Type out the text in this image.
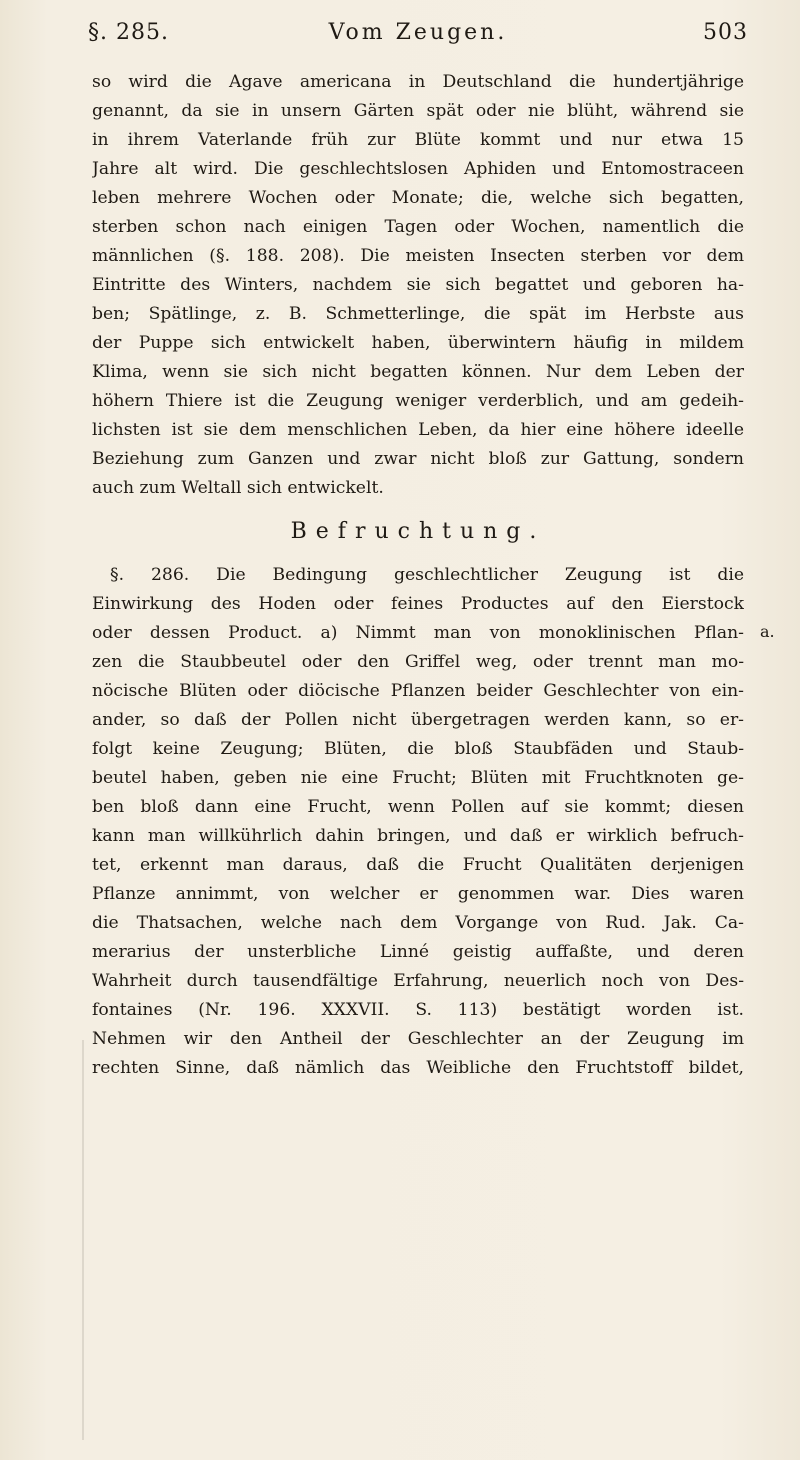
§. 285.	Vom Zeugen.	503
so wird die Agave americana in Deutschland die hundertjährige
genannt, da sie in unsern Gärten spät oder nie blüht, während sie
in ihrem Vaterlande früh zur Blüte kommt und nur etwa 15
Jahre alt wird. Die geschlechtslosen Aphiden und Entomostraceen
leben mehrere Wochen oder Monate; die, welche sich begatten,
sterben schon nach einigen Tagen oder Wochen, namentlich die
männlichen (§. 188. 208). Die meisten Insecten sterben vor dem
Eintritte des Winters, nachdem sie sich begattet und geboren ha-
ben; Spätlinge, z. B. Schmetterlinge, die spät im Herbste aus
der Puppe sich entwickelt haben, überwintern häufig in mildem
Klima, wenn sie sich nicht begatten können. Nur dem Leben der
höhern Thiere ist die Zeugung weniger verderblich, und am gedeih-
lichsten ist sie dem menschlichen Leben, da hier eine höhere ideelle
Beziehung zum Ganzen und zwar nicht bloß zur Gattung, sondern
auch zum Weltall sich entwickelt.
Befruchtung.
§. 286. Die Bedingung geschlechtlicher Zeugung ist die
Einwirkung des Hoden oder feines Productes auf den Eierstock
oder dessen Product. a) Nimmt man von monoklinischen Pflan-
zen die Staubbeutel oder den Griffel weg, oder trennt man mo-
nöcische Blüten oder diöcische Pflanzen beider Geschlechter von ein-
ander, so daß der Pollen nicht übergetragen werden kann, so er-
folgt keine Zeugung; Blüten, die bloß Staubfäden und Staub-
beutel haben, geben nie eine Frucht; Blüten mit Fruchtknoten ge-
ben bloß dann eine Frucht, wenn Pollen auf sie kommt; diesen
kann man willkührlich dahin bringen, und daß er wirklich befruch-
tet, erkennt man daraus, daß die Frucht Qualitäten derjenigen
Pflanze annimmt, von welcher er genommen war. Dies waren
die Thatsachen, welche nach dem Vorgange von Rud. Jak. Ca-
merarius der unsterbliche Linné geistig auffaßte, und deren
Wahrheit durch tausendfältige Erfahrung, neuerlich noch von Des-
fontaines (Nr. 196. XXXVII. S. 113) bestätigt worden ist.
Nehmen wir den Antheil der Geschlechter an der Zeugung im
rechten Sinne, daß nämlich das Weibliche den Fruchtstoff bildet,
a.
